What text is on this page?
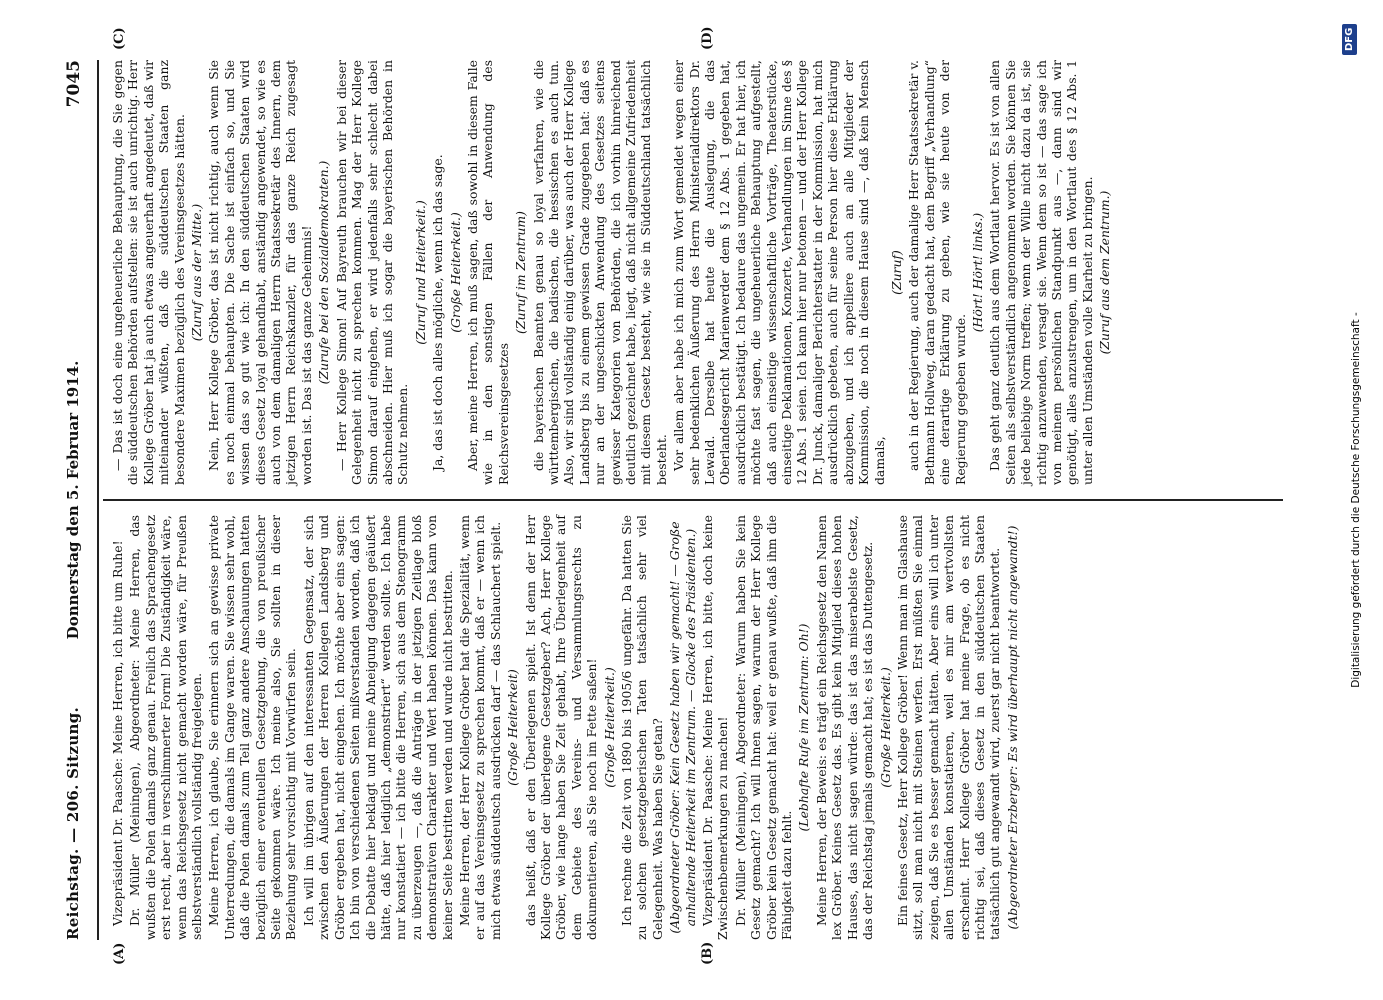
Reichstag. — 206. Sitzung.
Donnerstag den 5. Februar 1914.
7045
(A)	(B)
(C)	(D)

Vizepräsident Dr. Paasche: Meine Herren, ich bitte um Ruhe! Dr. Müller (Meiningen), Abgeordneter: Meine Herren, das wußten die Polen damals ganz genau. Freilich das Sprachengesetz erst recht, aber in verschlimmerter Form! Die Zuständigkeit wäre, wenn das Reichsgesetz nicht gemacht worden wäre, für Preußen selbstverständlich vollständig freigelegen. Meine Herren, ich glaube, Sie erinnern sich an gewisse private Unterredungen, die damals im Gange waren. Sie wissen sehr wohl, daß die Polen damals zum Teil ganz andere Anschauungen hatten bezüglich einer eventuellen Gesetzgebung, die von preußischer Seite gekommen wäre. Ich meine also, Sie sollten in dieser Beziehung sehr vorsichtig mit Vorwürfen sein. Ich will im übrigen auf den interessanten Gegensatz, der sich zwischen den Äußerungen der Herren Kollegen Landsberg und Gröber ergeben hat, nicht eingehen. Ich möchte aber eins sagen: Ich bin von verschiedenen Seiten mißverstanden worden, daß ich die Debatte hier beklagt und meine Abneigung dagegen geäußert hätte, daß hier lediglich „demonstriert“ werden sollte. Ich habe nur konstatiert — ich bitte die Herren, sich aus dem Stenogramm zu überzeugen —, daß die Anträge in der jetzigen Zeitlage bloß demonstrativen Charakter und Wert haben können. Das kann von keiner Seite bestritten werden und wurde nicht bestritten. Meine Herren, der Herr Kollege Gröber hat die Spezialität, wenn er auf das Vereinsgesetz zu sprechen kommt, daß er — wenn ich mich etwas süddeutsch ausdrücken darf — das Schlauchert spielt. (Große Heiterkeit) das heißt, daß er den Überlegenen spielt. Ist denn der Herr Kollege Gröber der überlegene Gesetzgeber? Ach, Herr Kollege Gröber, wie lange haben Sie Zeit gehabt, Ihre Überlegenheit auf dem Gebiete des Vereins- und Versammlungsrechts zu dokumentieren, als Sie noch im Fette saßen! (Große Heiterkeit.) Ich rechne die Zeit von 1890 bis 1905/6 ungefähr. Da hatten Sie zu solchen gesetzgeberischen Taten tatsächlich sehr viel Gelegenheit. Was haben Sie getan? (Abgeordneter Gröber: Kein Gesetz haben wir gemacht! — Große anhaltende Heiterkeit im Zentrum. — Glocke des Präsidenten.) Vizepräsident Dr. Paasche: Meine Herren, ich bitte, doch keine Zwischenbemerkungen zu machen! Dr. Müller (Meiningen), Abgeordneter: Warum haben Sie kein Gesetz gemacht? Ich will Ihnen sagen, warum der Herr Kollege Gröber kein Gesetz gemacht hat: weil er genau wußte, daß ihm die Fähigkeit dazu fehlt.

(Lebhafte Rufe im Zentrum: Oh!) Meine Herren, der Beweis: es trägt ein Reichsgesetz den Namen lex Gröber. Keines Gesetz das. Es gibt kein Mitglied dieses hohen Hauses, das nicht sagen würde: das ist das miserabelste Gesetz, das der Reichstag jemals gemacht hat; es ist das Duttengesetz. (Große Heiterkeit.) Ein feines Gesetz, Herr Kollege Gröber! Wenn man im Glashause sitzt, soll man nicht mit Steinen werfen. Erst müßten Sie einmal zeigen, daß Sie es besser gemacht hätten. Aber eins will ich unter allen Umständen konstatieren, weil es mir am wertvollsten erscheint. Herr Kollege Gröber hat meine Frage, ob es nicht richtig sei, daß dieses Gesetz in den süddeutschen Staaten tatsächlich gut angewandt wird, zuerst gar nicht beantwortet. (Abgeordneter Erzberger: Es wird überhaupt nicht angewandt!)

— Das ist doch eine ungeheuerliche Behauptung, die Sie gegen die süddeutschen Behörden aufstellen: sie ist auch unrichtig. Herr Kollege Gröber hat ja auch etwas angeuerhaft angedeutet, daß wir miteinander wüßten, daß die süddeutschen Staaten ganz besondere Maximen bezüglich des Vereinsgesetzes hätten. (Zuruf aus der Mitte.) Nein, Herr Kollege Gröber, das ist nicht richtig, auch wenn Sie es noch einmal behaupten. Die Sache ist einfach so, und Sie wissen das so gut wie ich: In den süddeutschen Staaten wird dieses Gesetz loyal gehandhabt, anständig angewendet, so wie es auch von dem damaligen Herrn Staatssekretär des Innern, dem jetzigen Herrn Reichskanzler, für das ganze Reich zugesagt worden ist. Das ist das ganze Geheimnis! (Zurufe bei den Sozialdemokraten.) — Herr Kollege Simon! Auf Bayreuth brauchen wir bei dieser Gelegenheit nicht zu sprechen kommen. Mag der Herr Kollege Simon darauf eingehen, er wird jedenfalls sehr schlecht dabei abschneiden. Hier muß ich sogar die bayerischen Behörden in Schutz nehmen.

(Zuruf und Heiterkeit.) Ja, das ist doch alles mögliche, wenn ich das sage. (Große Heiterkeit.) Aber, meine Herren, ich muß sagen, daß sowohl in diesem Falle wie in den sonstigen Fällen der Anwendung des Reichsvereinsgesetzes

(Zuruf im Zentrum) die bayerischen Beamten genau so loyal verfahren, wie die württembergischen, die badischen, die hessischen es auch tun. Also, wir sind vollständig einig darüber, was auch der Herr Kollege Landsberg bis zu einem gewissen Grade zugegeben hat: daß es nur an der ungeschickten Anwendung des Gesetzes seitens gewisser Kategorien von Behörden, die ich vorhin hinreichend deutlich gezeichnet habe, liegt, daß nicht allgemeine Zufriedenheit mit diesem Gesetz besteht, wie sie in Süddeutschland tatsächlich besteht. Vor allem aber habe ich mich zum Wort gemeldet wegen einer sehr bedenklichen Äußerung des Herrn Ministerialdirektors Dr. Lewald. Derselbe hat heute die Auslegung, die das Oberlandesgericht Marienwerder dem § 12 Abs. 1 gegeben hat, ausdrücklich bestätigt. Ich bedaure das ungemein. Er hat hier, ich möchte fast sagen, die ungeheuerliche Behauptung aufgestellt, daß auch einseitige wissenschaftliche Vorträge, Theaterstücke, einseitige Deklamationen, Konzerte, Verhandlungen im Sinne des § 12 Abs. 1 seien. Ich kann hier nur betonen — und der Herr Kollege Dr. Junck, damaliger Berichterstatter in der Kommission, hat mich ausdrücklich gebeten, auch für seine Person hier diese Erklärung abzugeben, und ich appelliere auch an alle Mitglieder der Kommission, die noch in diesem Hause sind —, daß kein Mensch damals,

(Zuruf) auch in der Regierung, auch der damalige Herr Staatssekretär v. Bethmann Hollweg, daran gedacht hat, dem Begriff „Verhandlung“ eine derartige Erklärung zu geben, wie sie heute von der Regierung gegeben wurde.

(Hört! Hört! links.) Das geht ganz deutlich aus dem Wortlaut hervor. Es ist von allen Seiten als selbstverständlich angenommen worden. Sie können Sie jede beliebige Norm treffen; wenn der Wille nicht dazu da ist, sie richtig anzuwenden, versagt sie. Wenn dem so ist — das sage ich von meinem persönlichen Standpunkt aus —, dann sind wir genötigt, alles anzustrengen, um in den Wortlaut des § 12 Abs. 1 unter allen Umständen volle Klarheit zu bringen. (Zuruf aus dem Zentrum.)

Digitalisierung gefördert durch die Deutsche Forschungsgemeinschaft -
DFG
